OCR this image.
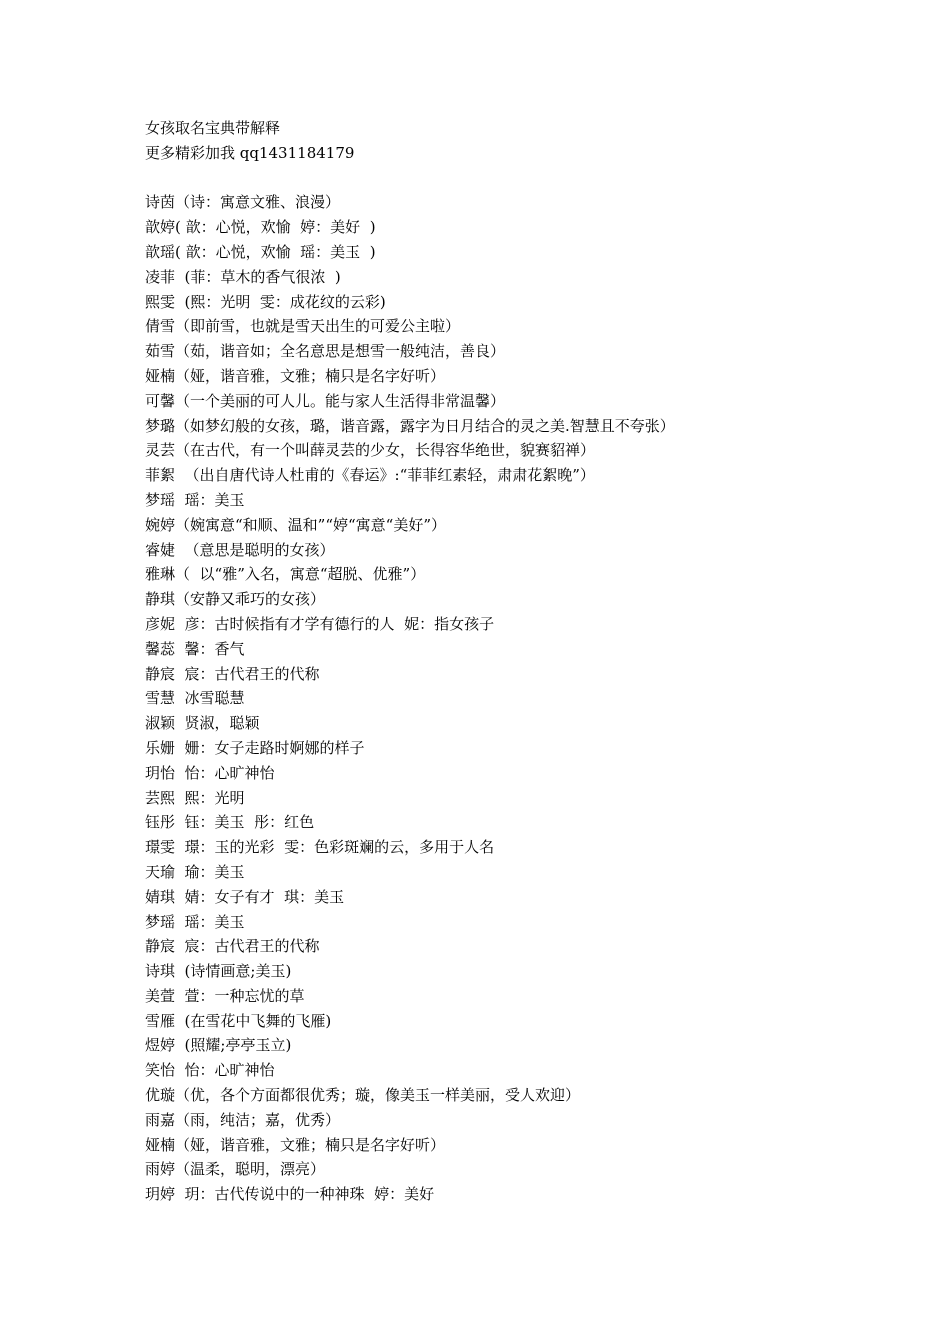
女孩取名宝典带解释
更多精彩加我 qq1431184179
诗茵（诗：寓意文雅、浪漫）
歆婷( 歆：心悦，欢愉  婷：美好  )
歆瑶( 歆：心悦，欢愉  瑶：美玉  )
凌菲  (菲：草木的香气很浓  )
熙雯  (熙：光明  雯：成花纹的云彩)
倩雪（即前雪，也就是雪天出生的可爱公主啦）
茹雪（茹，谐音如；全名意思是想雪一般纯洁，善良）
娅楠（娅，谐音雅，文雅；楠只是名字好听）
可馨（一个美丽的可人儿。能与家人生活得非常温馨）
梦璐（如梦幻般的女孩，璐，谐音露，露字为日月结合的灵之美.智慧且不夸张）
灵芸（在古代，有一个叫薛灵芸的少女，长得容华绝世，貌赛貂禅）
菲絮  （出自唐代诗人杜甫的《春运》:“菲菲红素轻，肃肃花絮晚”）
梦瑶  瑶：美玉
婉婷（婉寓意“和顺、温和”“婷“寓意“美好”）
睿婕  （意思是聪明的女孩）
雅琳（  以“雅”入名，寓意“超脱、优雅”）
静琪（安静又乖巧的女孩）
彦妮  彦：古时候指有才学有德行的人  妮：指女孩子
馨蕊  馨：香气
静宸  宸：古代君王的代称
雪慧  冰雪聪慧
淑颖  贤淑，聪颖
乐姗  姗：女子走路时婀娜的样子
玥怡  怡：心旷神怡
芸熙  熙：光明
钰彤  钰：美玉  彤：红色
璟雯  璟：玉的光彩  雯：色彩斑斓的云，多用于人名
天瑜  瑜：美玉
婧琪  婧：女子有才  琪：美玉
梦瑶  瑶：美玉
静宸  宸：古代君王的代称
诗琪  (诗情画意;美玉)
美萱  萱：一种忘忧的草
雪雁  (在雪花中飞舞的飞雁)
煜婷  (照耀;亭亭玉立)
笑怡  怡：心旷神怡
优璇（优，各个方面都很优秀；璇，像美玉一样美丽，受人欢迎）
雨嘉（雨，纯洁；嘉，优秀）
娅楠（娅，谐音雅，文雅；楠只是名字好听）
雨婷（温柔，聪明，漂亮）
玥婷  玥：古代传说中的一种神珠  婷：美好
